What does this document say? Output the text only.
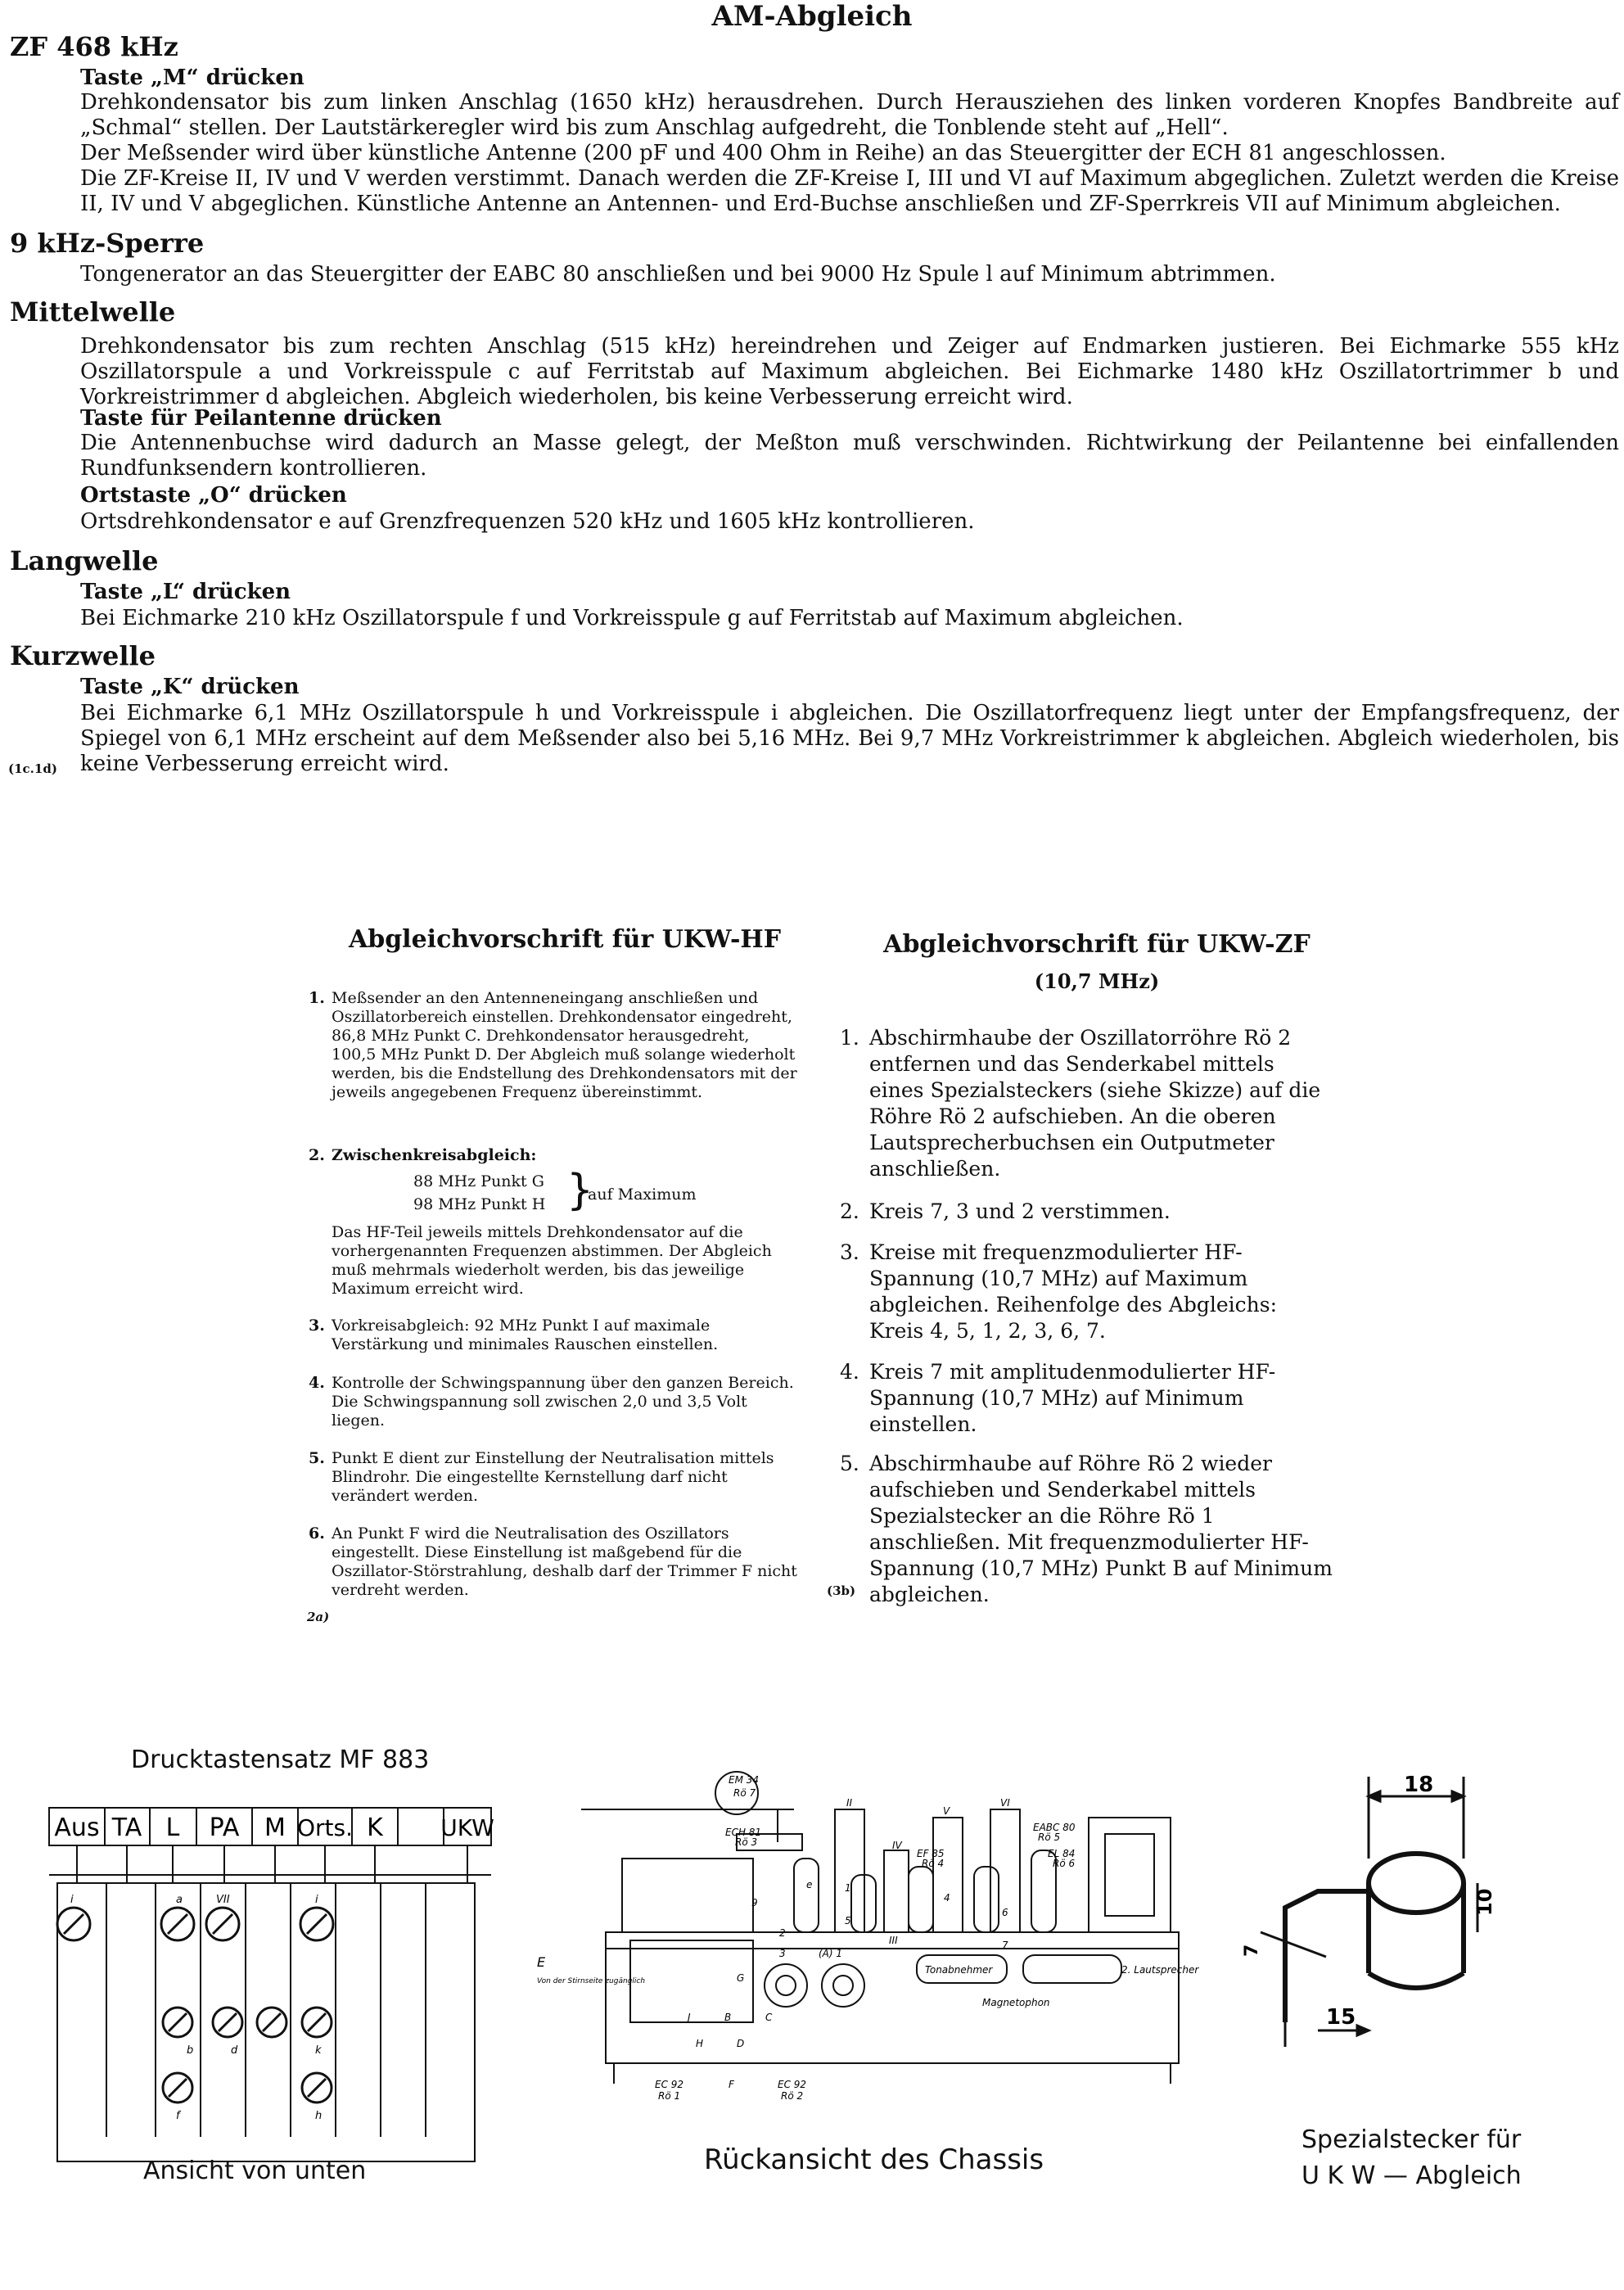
AM-Abgleich
ZF 468 kHz
Taste „M“ drücken
Drehkondensator bis zum linken Anschlag (1650 kHz) herausdrehen. Durch Herausziehen des linken vorderen Knopfes Bandbreite auf „Schmal“ stellen. Der Lautstärkeregler wird bis zum Anschlag aufgedreht, die Tonblende steht auf „Hell“.
Der Meßsender wird über künstliche Antenne (200 pF und 400 Ohm in Reihe) an das Steuergitter der ECH 81 angeschlossen.
Die ZF-Kreise II, IV und V werden verstimmt. Danach werden die ZF-Kreise I, III und VI auf Maximum abgeglichen. Zuletzt werden die Kreise II, IV und V abgeglichen. Künstliche Antenne an Antennen- und Erd-Buchse anschließen und ZF-Sperrkreis VII auf Minimum abgleichen.
9 kHz-Sperre
Tongenerator an das Steuergitter der EABC 80 anschließen und bei 9000 Hz Spule l auf Minimum abtrimmen.
Mittelwelle
Drehkondensator bis zum rechten Anschlag (515 kHz) hereindrehen und Zeiger auf Endmarken justieren. Bei Eichmarke 555 kHz Oszillatorspule a und Vorkreisspule c auf Ferritstab auf Maximum abgleichen. Bei Eichmarke 1480 kHz Oszillatortrimmer b und Vorkreistrimmer d abgleichen. Abgleich wiederholen, bis keine Verbesserung erreicht wird.
Taste für Peilantenne drücken
Die Antennenbuchse wird dadurch an Masse gelegt, der Meßton muß verschwinden. Richtwirkung der Peilantenne bei einfallenden Rundfunksendern kontrollieren.
Ortstaste „O“ drücken
Ortsdrehkondensator e auf Grenzfrequenzen 520 kHz und 1605 kHz kontrollieren.
Langwelle
Taste „L“ drücken
Bei Eichmarke 210 kHz Oszillatorspule f und Vorkreisspule g auf Ferritstab auf Maximum abgleichen.
Kurzwelle
Taste „K“ drücken
Bei Eichmarke 6,1 MHz Oszillatorspule h und Vorkreisspule i abgleichen. Die Oszillatorfrequenz liegt unter der Empfangsfrequenz, der Spiegel von 6,1 MHz erscheint auf dem Meßsender also bei 5,16 MHz. Bei 9,7 MHz Vorkreistrimmer k abgleichen. Abgleich wiederholen, bis keine Verbesserung erreicht wird.
(1c.1d)
Abgleichvorschrift für UKW-HF
1. Meßsender an den Antenneneingang anschließen und Oszillatorbereich einstellen. Drehkondensator eingedreht, 86,8 MHz Punkt C. Drehkondensator herausgedreht, 100,5 MHz Punkt D. Der Abgleich muß solange wiederholt werden, bis die Endstellung des Drehkondensators mit der jeweils angegebenen Frequenz übereinstimmt.
2. Zwischenkreisabgleich:
88 MHz Punkt G
98 MHz Punkt H }
auf Maximum
Das HF-Teil jeweils mittels Drehkondensator auf die vorhergenannten Frequenzen abstimmen. Der Abgleich muß mehrmals wiederholt werden, bis das jeweilige Maximum erreicht wird.
3. Vorkreisabgleich: 92 MHz Punkt I auf maximale Verstärkung und minimales Rauschen einstellen.
4. Kontrolle der Schwingspannung über den ganzen Bereich. Die Schwingspannung soll zwischen 2,0 und 3,5 Volt liegen.
5. Punkt E dient zur Einstellung der Neutralisation mittels Blindrohr. Die eingestellte Kernstellung darf nicht verändert werden.
6. An Punkt F wird die Neutralisation des Oszillators eingestellt. Diese Einstellung ist maßgebend für die Oszillator-Störstrahlung, deshalb darf der Trimmer F nicht verdreht werden.
2a)
Abgleichvorschrift für UKW-ZF
(10,7 MHz)
1. Abschirmhaube der Oszillatorröhre Rö 2 entfernen und das Senderkabel mittels eines Spezialsteckers (siehe Skizze) auf die Röhre Rö 2 aufschieben. An die oberen Lautsprecherbuchsen ein Outputmeter anschließen.
2. Kreis 7, 3 und 2 verstimmen.
3. Kreise mit frequenzmodulierter HF-Spannung (10,7 MHz) auf Maximum abgleichen. Reihenfolge des Abgleichs: Kreis 4, 5, 1, 2, 3, 6, 7.
4. Kreis 7 mit amplitudenmodulierter HF-Spannung (10,7 MHz) auf Minimum einstellen.
5. Abschirmhaube auf Röhre Rö 2 wieder aufschieben und Senderkabel mittels Spezialstecker an die Röhre Rö 1 anschließen. Mit frequenzmodulierter HF-Spannung (10,7 MHz) Punkt B auf Minimum abgleichen.
(3b)
Drucktastensatz MF 883
Aus TA L PA M Orts. K	UKW
i	a	VII	i
b	d	k
f	h
Ansicht von unten
EM 34
Rö 7
ECH 81
Rö 3
EF 85
Rö 4
EABC 80
Rö 5
EL 84
Rö 6
Tonabnehmer	2. Lautsprecher
Magnetophon
E
Von der Stirnseite zugänglich
EC 92
Rö 1
EC 92
Rö 2
F
H	D
G
B	C
J
(A) 1
II
III
IV
V
VI
1
2
3
4
5
6
7
9
e
Rückansicht des Chassis
18
10
7
15
Spezialstecker für
U K W — Abgleich
